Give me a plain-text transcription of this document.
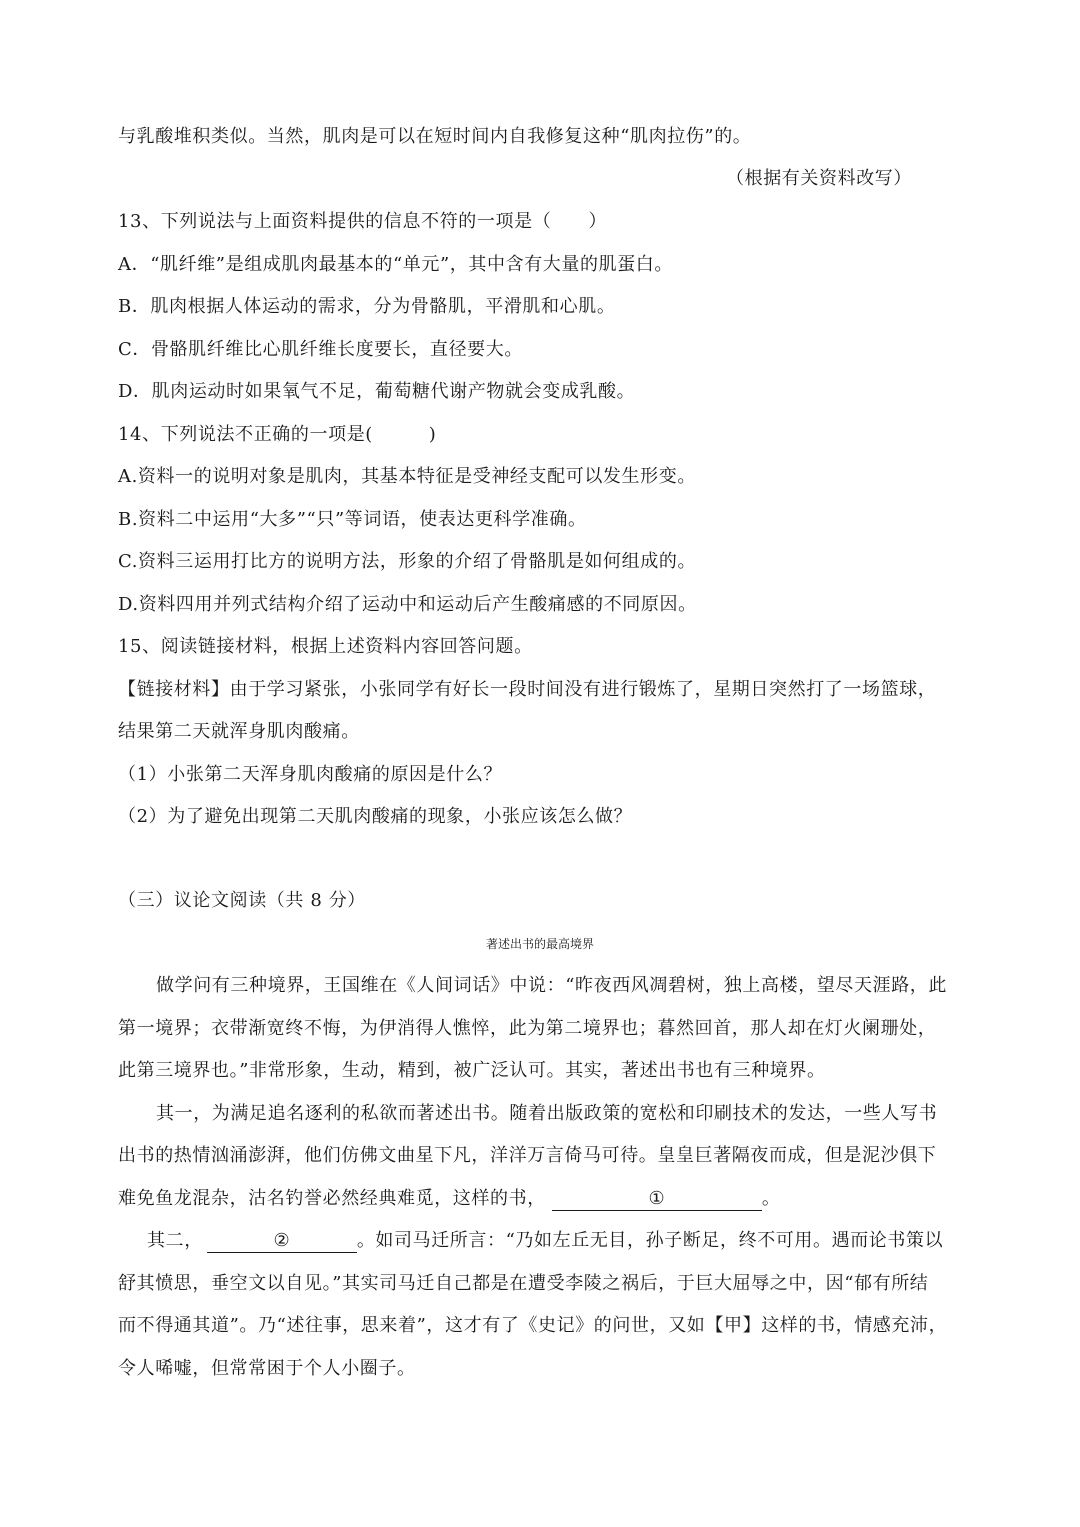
与乳酸堆积类似。当然，肌肉是可以在短时间内自我修复这种“肌肉拉伤”的。
（根据有关资料改写）
13、下列说法与上面资料提供的信息不符的一项是（　　）
A．“肌纤维”是组成肌肉最基本的“单元”，其中含有大量的肌蛋白。
B．肌肉根据人体运动的需求，分为骨骼肌，平滑肌和心肌。
C．骨骼肌纤维比心肌纤维长度要长，直径要大。
D．肌肉运动时如果氧气不足，葡萄糖代谢产物就会变成乳酸。
14、下列说法不正确的一项是(　　　)
A.资料一的说明对象是肌肉，其基本特征是受神经支配可以发生形变。
B.资料二中运用“大多”“只”等词语，使表达更科学准确。
C.资料三运用打比方的说明方法，形象的介绍了骨骼肌是如何组成的。
D.资料四用并列式结构介绍了运动中和运动后产生酸痛感的不同原因。
15、阅读链接材料，根据上述资料内容回答问题。
【链接材料】由于学习紧张，小张同学有好长一段时间没有进行锻炼了，星期日突然打了一场篮球，
结果第二天就浑身肌肉酸痛。
（1）小张第二天浑身肌肉酸痛的原因是什么？
（2）为了避免出现第二天肌肉酸痛的现象，小张应该怎么做？
（三）议论文阅读（共 8 分）
著述出书的最高境界
做学问有三种境界，王国维在《人间词话》中说：“昨夜西风凋碧树，独上高楼，望尽天涯路，此
第一境界；衣带渐宽终不悔，为伊消得人憔悴，此为第二境界也；暮然回首，那人却在灯火阑珊处，
此第三境界也。”非常形象，生动，精到，被广泛认可。其实，著述出书也有三种境界。
其一，为满足追名逐利的私欲而著述出书。随着出版政策的宽松和印刷技术的发达，一些人写书
出书的热情汹涌澎湃，他们仿佛文曲星下凡，洋洋万言倚马可待。皇皇巨著隔夜而成，但是泥沙俱下
难免鱼龙混杂，沽名钓誉必然经典难觅，这样的书，	①	。
其二，	②	。如司马迁所言：“乃如左丘无目，孙子断足，终不可用。遇而论书策以
舒其愤思，垂空文以自见。”其实司马迁自己都是在遭受李陵之祸后，于巨大屈辱之中，因“郁有所结
而不得通其道”。乃“述往事，思来着”，这才有了《史记》的问世，又如【甲】这样的书，情感充沛，
令人唏嘘，但常常困于个人小圈子。
